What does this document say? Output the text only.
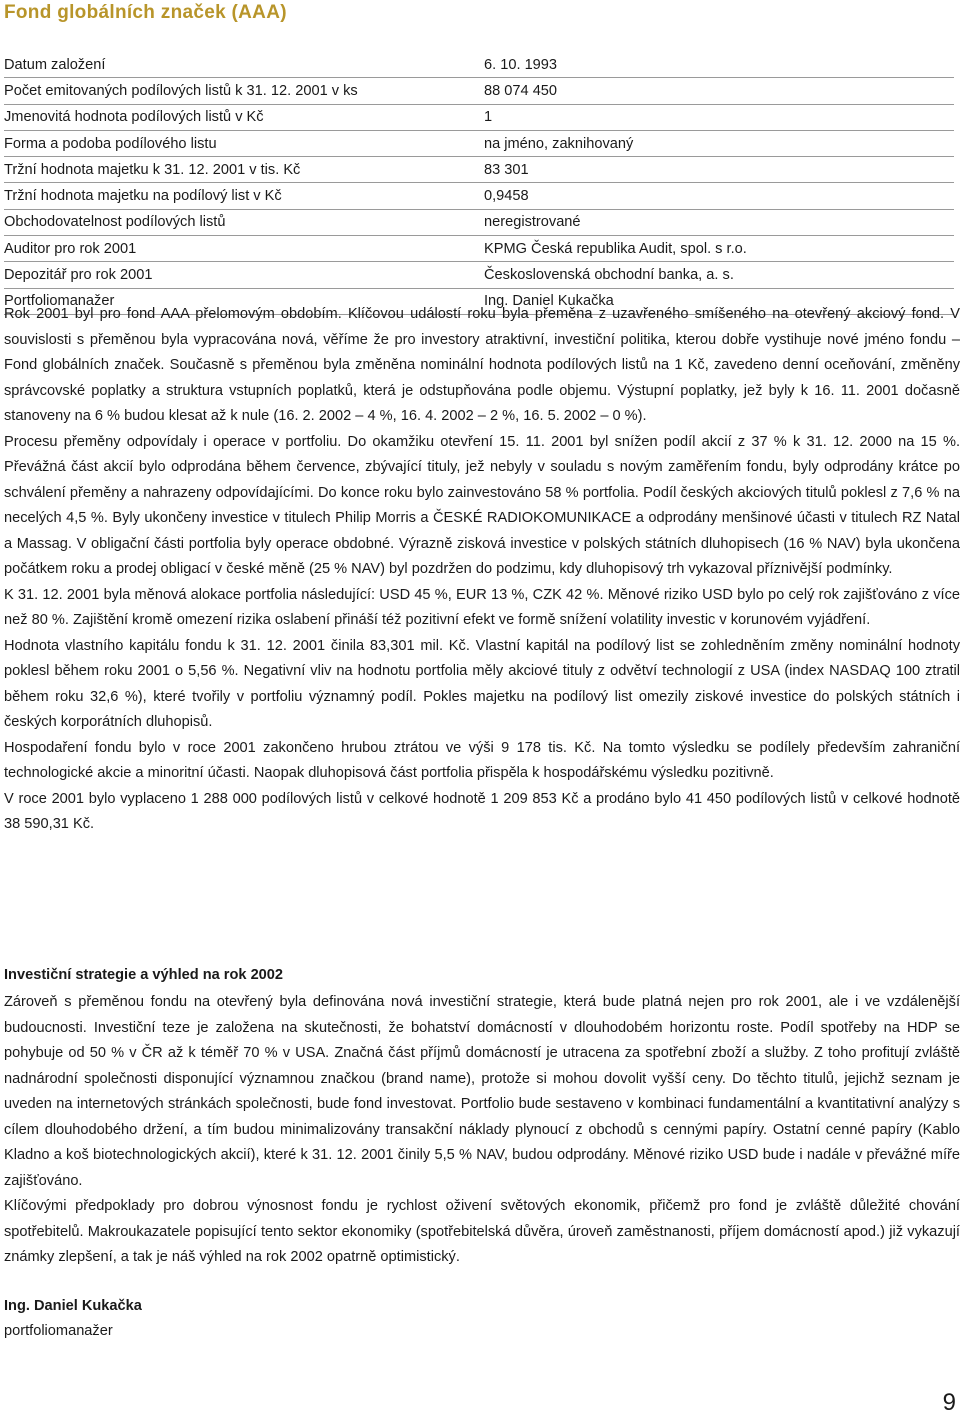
Fond globálních značek (AAA)
Datum založení	6. 10. 1993
Počet emitovaných podílových listů k 31. 12. 2001 v ks	88 074 450
Jmenovitá hodnota podílových listů v Kč	1
Forma a podoba podílového listu	na jméno, zaknihovaný
Tržní hodnota majetku k 31. 12. 2001 v tis. Kč	83 301
Tržní hodnota majetku na podílový list v Kč	0,9458
Obchodovatelnost podílových listů	neregistrované
Auditor pro rok 2001	KPMG Česká republika Audit, spol. s r.o.
Depozitář pro rok 2001	Československá obchodní banka, a. s.
Portfoliomanažer	Ing. Daniel Kukačka

Rok 2001 byl pro fond AAA přelomovým obdobím. Klíčovou událostí roku byla přeměna z uzavřeného smíšeného na otevřený akciový fond. V souvislosti s přeměnou byla vypracována nová, věříme že pro investory atraktivní, investiční politika, kterou dobře vystihuje nové jméno fondu – Fond globálních značek. Současně s přeměnou byla změněna nominální hodnota podílových listů na 1 Kč, zavedeno denní oceňování, změněny správcovské poplatky a struktura vstupních poplatků, která je odstupňována podle objemu. Výstupní poplatky, jež byly k 16. 11. 2001 dočasně stanoveny na 6 % budou klesat až k nule (16. 2. 2002 – 4 %, 16. 4. 2002 – 2 %, 16. 5. 2002 – 0 %).

Procesu přeměny odpovídaly i operace v portfoliu. Do okamžiku otevření 15. 11. 2001 byl snížen podíl akcií z 37 % k 31. 12. 2000 na 15 %. Převážná část akcií bylo odprodána během července, zbývající tituly, jež nebyly v souladu s novým zaměřením fondu, byly odprodány krátce po schválení přeměny a nahrazeny odpovídajícími. Do konce roku bylo zainvestováno 58 % portfolia. Podíl českých akciových titulů poklesl z 7,6 % na necelých 4,5 %. Byly ukončeny investice v titulech Philip Morris a ČESKÉ RADIOKOMUNIKACE a odprodány menšinové účasti v titulech RZ Natal a Massag. V obligační části portfolia byly operace obdobné. Výrazně zisková investice v polských státních dluhopisech (16 % NAV) byla ukončena počátkem roku a prodej obligací v české měně (25 % NAV) byl pozdržen do podzimu, kdy dluhopisový trh vykazoval příznivější podmínky.

K 31. 12. 2001 byla měnová alokace portfolia následující: USD 45 %, EUR 13 %, CZK 42 %. Měnové riziko USD bylo po celý rok zajišťováno z více než 80 %. Zajištění kromě omezení rizika oslabení přináší též pozitivní efekt ve formě snížení volatility investic v korunovém vyjádření.

Hodnota vlastního kapitálu fondu k 31. 12. 2001 činila 83,301 mil. Kč. Vlastní kapitál na podílový list se zohledněním změny nominální hodnoty poklesl během roku 2001 o 5,56 %. Negativní vliv na hodnotu portfolia měly akciové tituly z odvětví technologií z USA (index NASDAQ 100 ztratil během roku 32,6 %), které tvořily v portfoliu významný podíl. Pokles majetku na podílový list omezily ziskové investice do polských státních i českých korporátních dluhopisů.

Hospodaření fondu bylo v roce 2001 zakončeno hrubou ztrátou ve výši 9 178 tis. Kč. Na tomto výsledku se podílely především zahraniční technologické akcie a minoritní účasti. Naopak dluhopisová část portfolia přispěla k hospodářskému výsledku pozitivně.

V roce 2001 bylo vyplaceno 1 288 000 podílových listů v celkové hodnotě 1 209 853 Kč a prodáno bylo 41 450 podílových listů v celkové hodnotě 38 590,31 Kč.

Investiční strategie a výhled na rok 2002

Zároveň s přeměnou fondu na otevřený byla definována nová investiční strategie, která bude platná nejen pro rok 2001, ale i ve vzdálenější budoucnosti. Investiční teze je založena na skutečnosti, že bohatství domácností v dlouhodobém horizontu roste. Podíl spotřeby na HDP se pohybuje od 50 % v ČR až k téměř 70 % v USA. Značná část příjmů domácností je utracena za spotřební zboží a služby. Z toho profitují zvláště nadnárodní společnosti disponující významnou značkou (brand name), protože si mohou dovolit vyšší ceny. Do těchto titulů, jejichž seznam je uveden na internetových stránkách společnosti, bude fond investovat. Portfolio bude sestaveno v kombinaci fundamentální a kvantitativní analýzy s cílem dlouhodobého držení, a tím budou minimalizovány transakční náklady plynoucí z obchodů s cennými papíry. Ostatní cenné papíry (Kablo Kladno a koš biotechnologických akcií), které k 31. 12. 2001 činily 5,5 % NAV, budou odprodány. Měnové riziko USD bude i nadále v převážné míře zajišťováno.

Klíčovými předpoklady pro dobrou výnosnost fondu je rychlost oživení světových ekonomik, přičemž pro fond je zvláště důležité chování spotřebitelů. Makroukazatele popisující tento sektor ekonomiky (spotřebitelská důvěra, úroveň zaměstnanosti, příjem domácností apod.) již vykazují známky zlepšení, a tak je náš výhled na rok 2002 opatrně optimistický.

Ing. Daniel Kukačka
portfoliomanažer
9
